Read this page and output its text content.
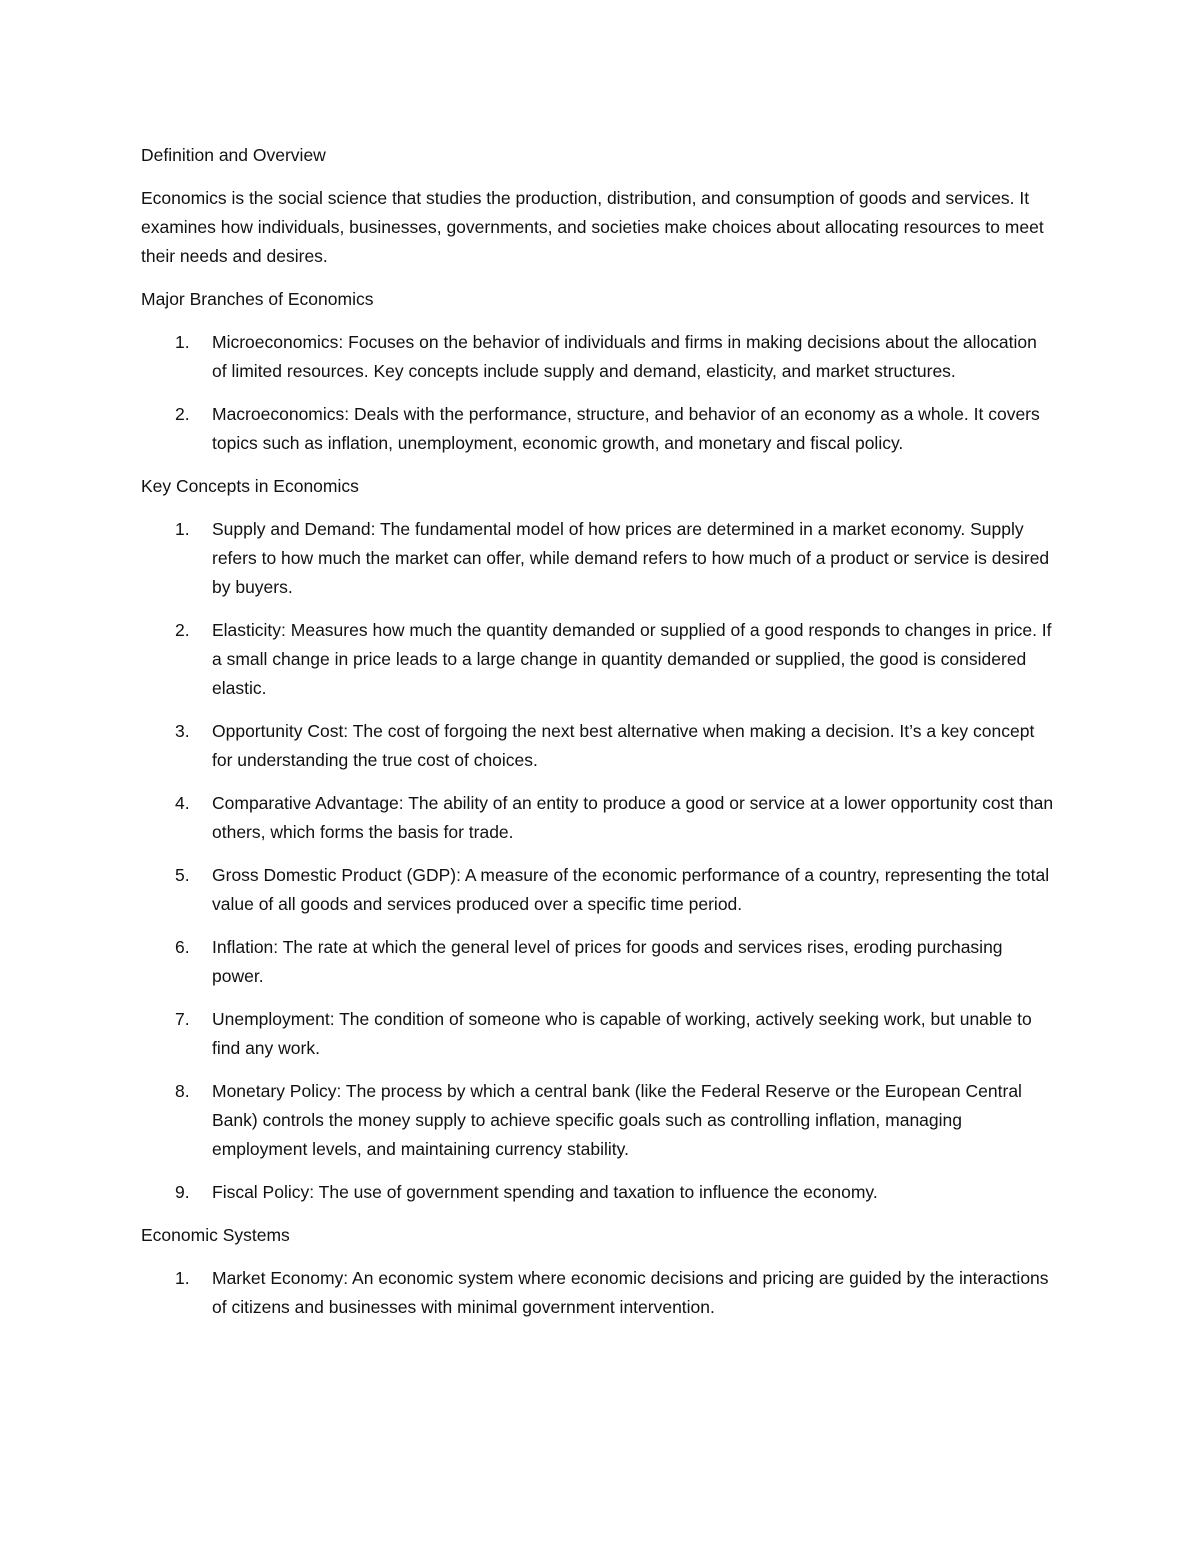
Definition and Overview

Economics is the social science that studies the production, distribution, and consumption of goods and services. It examines how individuals, businesses, governments, and societies make choices about allocating resources to meet their needs and desires.

Major Branches of Economics

1. Microeconomics: Focuses on the behavior of individuals and firms in making decisions about the allocation of limited resources. Key concepts include supply and demand, elasticity, and market structures.
2. Macroeconomics: Deals with the performance, structure, and behavior of an economy as a whole. It covers topics such as inflation, unemployment, economic growth, and monetary and fiscal policy.

Key Concepts in Economics

1. Supply and Demand: The fundamental model of how prices are determined in a market economy. Supply refers to how much the market can offer, while demand refers to how much of a product or service is desired by buyers.
2. Elasticity: Measures how much the quantity demanded or supplied of a good responds to changes in price. If a small change in price leads to a large change in quantity demanded or supplied, the good is considered elastic.
3. Opportunity Cost: The cost of forgoing the next best alternative when making a decision. It’s a key concept for understanding the true cost of choices.
4. Comparative Advantage: The ability of an entity to produce a good or service at a lower opportunity cost than others, which forms the basis for trade.
5. Gross Domestic Product (GDP): A measure of the economic performance of a country, representing the total value of all goods and services produced over a specific time period.
6. Inflation: The rate at which the general level of prices for goods and services rises, eroding purchasing power.
7. Unemployment: The condition of someone who is capable of working, actively seeking work, but unable to find any work.
8. Monetary Policy: The process by which a central bank (like the Federal Reserve or the European Central Bank) controls the money supply to achieve specific goals such as controlling inflation, managing employment levels, and maintaining currency stability.
9. Fiscal Policy: The use of government spending and taxation to influence the economy.

Economic Systems

1. Market Economy: An economic system where economic decisions and pricing are guided by the interactions of citizens and businesses with minimal government intervention.
